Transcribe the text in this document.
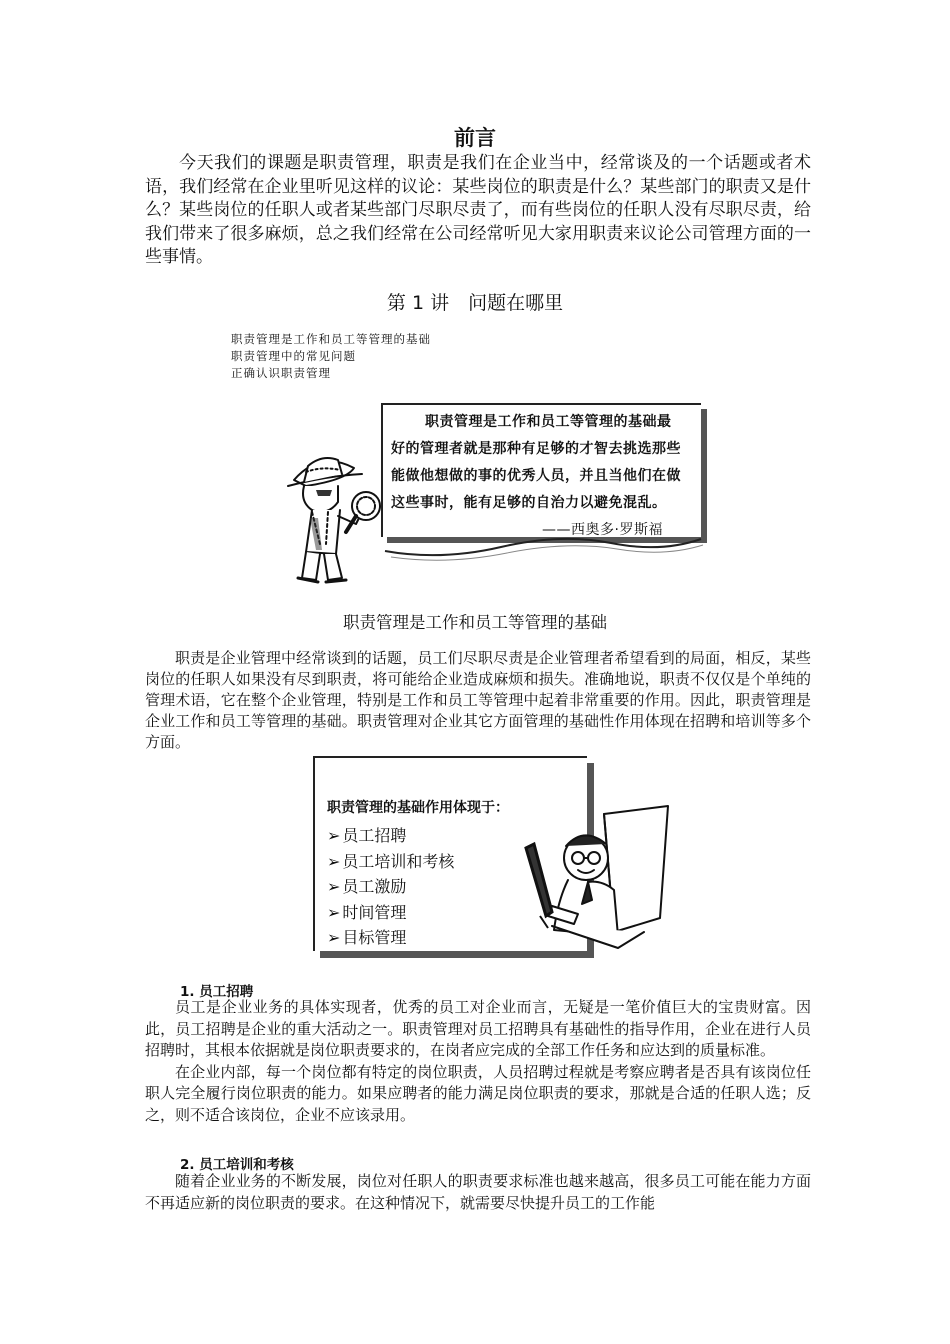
前言

今天我们的课题是职责管理，职责是我们在企业当中，经常谈及的一个话题或者术语，我们经常在企业里听见这样的议论：某些岗位的职责是什么？某些部门的职责又是什么？某些岗位的任职人或者某些部门尽职尽责了，而有些岗位的任职人没有尽职尽责，给我们带来了很多麻烦，总之我们经常在公司经常听见大家用职责来议论公司管理方面的一些事情。

第 1 讲　问题在哪里
职责管理是工作和员工等管理的基础
职责管理中的常见问题
正确认识职责管理
职责管理是工作和员工等管理的基础最
好的管理者就是那种有足够的才智去挑选那些
能做他想做的事的优秀人员，并且当他们在做
这些事时，能有足够的自治力以避免混乱。
——西奥多·罗斯福
职责管理是工作和员工等管理的基础

职责是企业管理中经常谈到的话题，员工们尽职尽责是企业管理者希望看到的局面，相反，某些岗位的任职人如果没有尽到职责，将可能给企业造成麻烦和损失。准确地说，职责不仅仅是个单纯的管理术语，它在整个企业管理，特别是工作和员工等管理中起着非常重要的作用。因此，职责管理是企业工作和员工等管理的基础。职责管理对企业其它方面管理的基础性作用体现在招聘和培训等多个方面。

职责管理的基础作用体现于：
➢ 员工招聘
➢ 员工培训和考核
➢ 员工激励
➢ 时间管理
➢ 目标管理
1. 员工招聘

员工是企业业务的具体实现者，优秀的员工对企业而言，无疑是一笔价值巨大的宝贵财富。因此，员工招聘是企业的重大活动之一。职责管理对员工招聘具有基础性的指导作用，企业在进行人员招聘时，其根本依据就是岗位职责要求的，在岗者应完成的全部工作任务和应达到的质量标准。

在企业内部，每一个岗位都有特定的岗位职责，人员招聘过程就是考察应聘者是否具有该岗位任职人完全履行岗位职责的能力。如果应聘者的能力满足岗位职责的要求，那就是合适的任职人选；反之，则不适合该岗位，企业不应该录用。

2. 员工培训和考核

随着企业业务的不断发展，岗位对任职人的职责要求标准也越来越高，很多员工可能在能力方面不再适应新的岗位职责的要求。在这种情况下，就需要尽快提升员工的工作能
